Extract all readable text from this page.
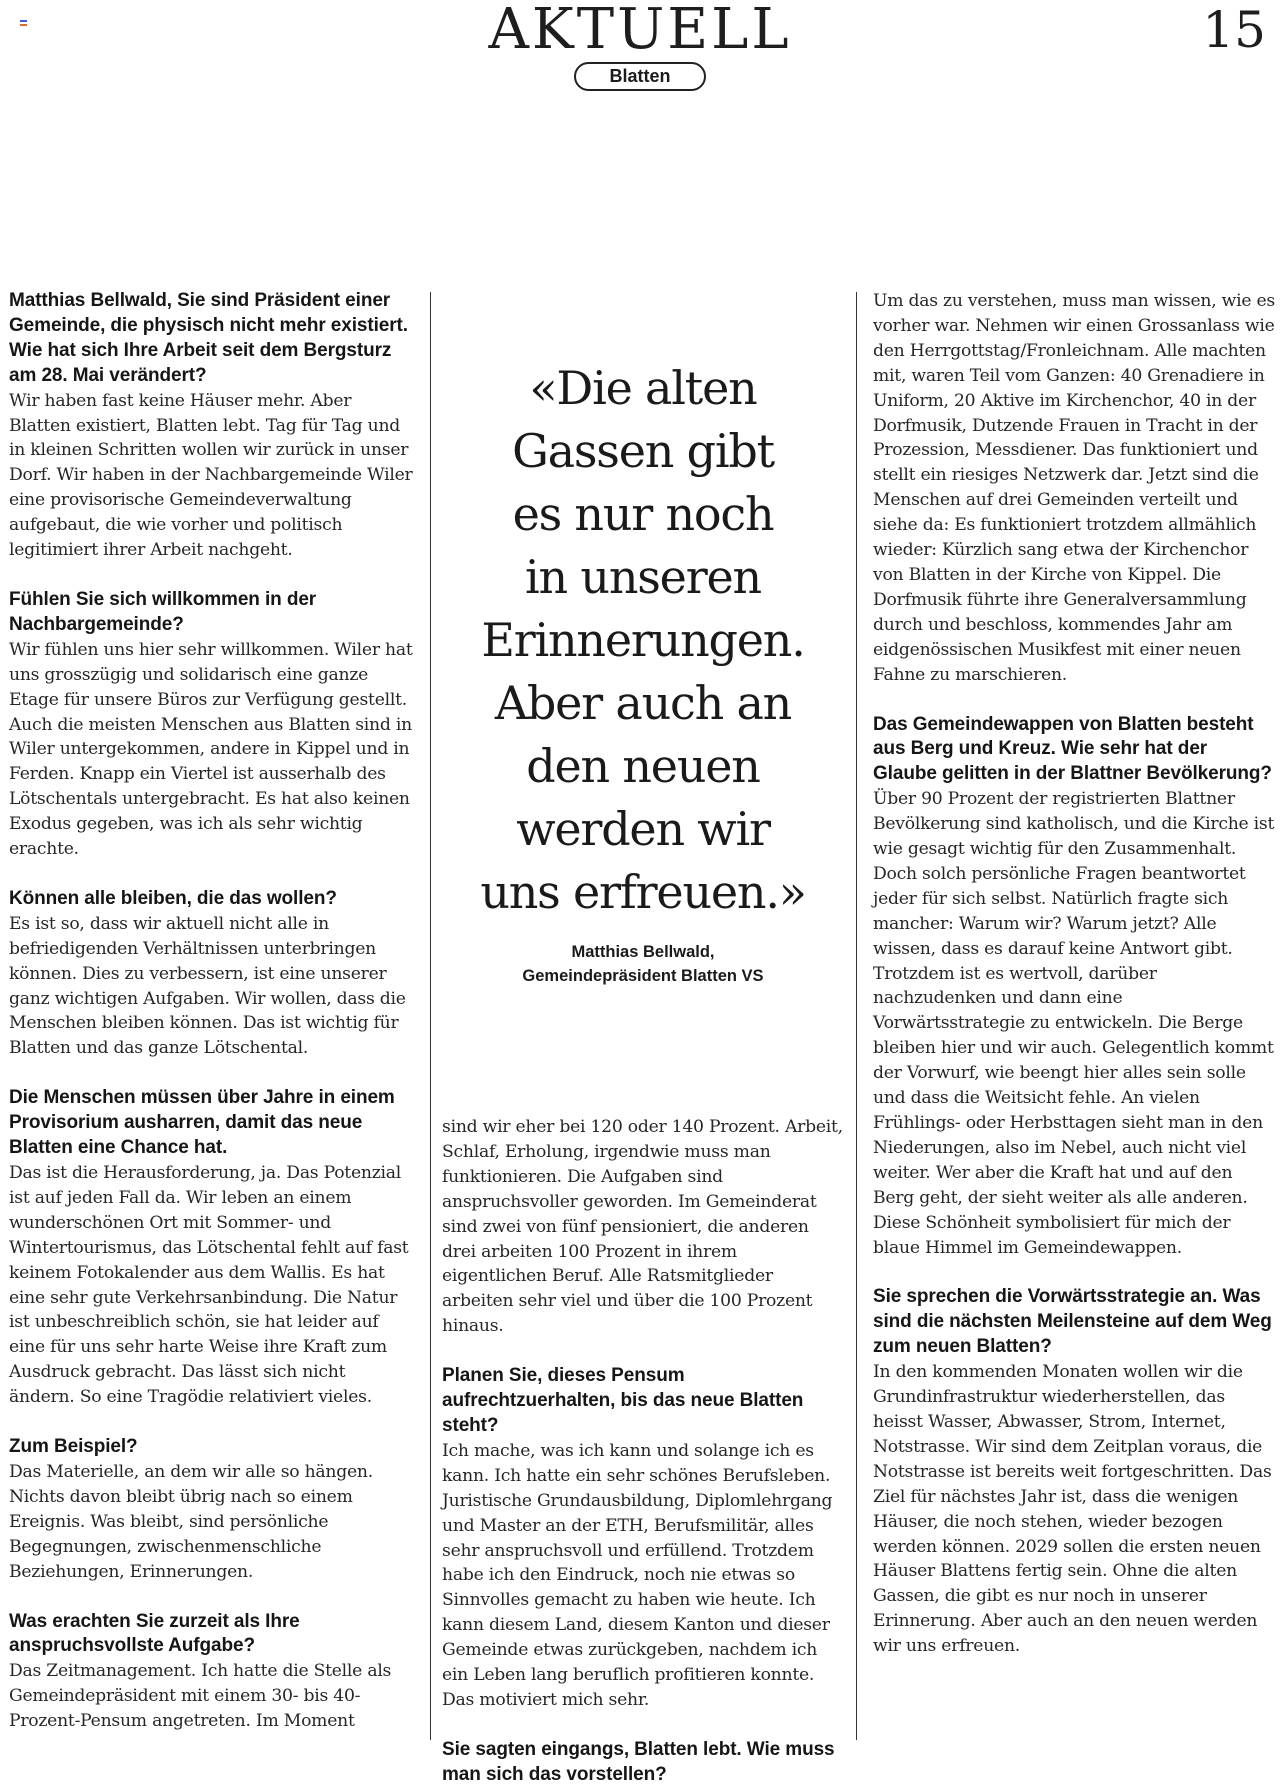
AKTUELL	15
Blatten
Matthias Bellwald, Sie sind Präsident einer Gemeinde, die physisch nicht mehr existiert. Wie hat sich Ihre Arbeit seit dem Bergsturz am 28. Mai verändert?

Wir haben fast keine Häuser mehr. Aber Blatten existiert, Blatten lebt. Tag für Tag und in kleinen Schritten wollen wir zurück in unser Dorf. Wir haben in der Nachbargemeinde Wiler eine provisorische Gemeindeverwaltung aufgebaut, die wie vorher und politisch legitimiert ihrer Arbeit nachgeht.

Fühlen Sie sich willkommen in der Nachbargemeinde?

Wir fühlen uns hier sehr willkommen. Wiler hat uns grosszügig und solidarisch eine ganze Etage für unsere Büros zur Verfügung gestellt. Auch die meisten Menschen aus Blatten sind in Wiler untergekommen, andere in Kippel und in Ferden. Knapp ein Viertel ist ausserhalb des Lötschentals untergebracht. Es hat also keinen Exodus gegeben, was ich als sehr wichtig erachte.

Können alle bleiben, die das wollen?

Es ist so, dass wir aktuell nicht alle in befriedigenden Verhältnissen unterbringen können. Dies zu verbessern, ist eine unserer ganz wichtigen Aufgaben. Wir wollen, dass die Menschen bleiben können. Das ist wichtig für Blatten und das ganze Lötschental.

Die Menschen müssen über Jahre in einem Provisorium ausharren, damit das neue Blatten eine Chance hat.

Das ist die Herausforderung, ja. Das Potenzial ist auf jeden Fall da. Wir leben an einem wunderschönen Ort mit Sommer- und Wintertourismus, das Lötschental fehlt auf fast keinem Fotokalender aus dem Wallis. Es hat eine sehr gute Verkehrsanbindung. Die Natur ist unbeschreiblich schön, sie hat leider auf eine für uns sehr harte Weise ihre Kraft zum Ausdruck gebracht. Das lässt sich nicht ändern. So eine Tragödie relativiert vieles.

Zum Beispiel?

Das Materielle, an dem wir alle so hängen. Nichts davon bleibt übrig nach so einem Ereignis. Was bleibt, sind persönliche Begegnungen, zwischenmenschliche Beziehungen, Erinnerungen.

Was erachten Sie zurzeit als Ihre anspruchsvollste Aufgabe?

Das Zeitmanagement. Ich hatte die Stelle als Gemeindepräsident mit einem 30- bis 40-Prozent-Pensum angetreten. Im Moment

«Die alten
Gassen gibt
es nur noch
in unseren
Erinnerungen.
Aber auch an
den neuen
werden wir
uns erfreuen.»
Matthias Bellwald,
Gemeindepräsident Blatten VS

sind wir eher bei 120 oder 140 Prozent. Arbeit, Schlaf, Erholung, irgendwie muss man funktionieren. Die Aufgaben sind anspruchsvoller geworden. Im Gemeinderat sind zwei von fünf pensioniert, die anderen drei arbeiten 100 Prozent in ihrem eigentlichen Beruf. Alle Ratsmitglieder arbeiten sehr viel und über die 100 Prozent hinaus.

Planen Sie, dieses Pensum aufrechtzuerhalten, bis das neue Blatten steht?

Ich mache, was ich kann und solange ich es kann. Ich hatte ein sehr schönes Berufsleben. Juristische Grundausbildung, Diplomlehrgang und Master an der ETH, Berufsmilitär, alles sehr anspruchsvoll und erfüllend. Trotzdem habe ich den Eindruck, noch nie etwas so Sinnvolles gemacht zu haben wie heute. Ich kann diesem Land, diesem Kanton und dieser Gemeinde etwas zurückgeben, nachdem ich ein Leben lang beruflich profitieren konnte. Das motiviert mich sehr.

Sie sagten eingangs, Blatten lebt. Wie muss man sich das vorstellen?

Um das zu verstehen, muss man wissen, wie es vorher war. Nehmen wir einen Grossanlass wie den Herrgottstag/Fronleichnam. Alle machten mit, waren Teil vom Ganzen: 40 Grenadiere in Uniform, 20 Aktive im Kirchenchor, 40 in der Dorfmusik, Dutzende Frauen in Tracht in der Prozession, Messdiener. Das funktioniert und stellt ein riesiges Netzwerk dar. Jetzt sind die Menschen auf drei Gemeinden verteilt und siehe da: Es funktioniert trotzdem allmählich wieder: Kürzlich sang etwa der Kirchenchor von Blatten in der Kirche von Kippel. Die Dorfmusik führte ihre Generalversammlung durch und beschloss, kommendes Jahr am eidgenössischen Musikfest mit einer neuen Fahne zu marschieren.

Das Gemeindewappen von Blatten besteht aus Berg und Kreuz. Wie sehr hat der Glaube gelitten in der Blattner Bevölkerung?

Über 90 Prozent der registrierten Blattner Bevölkerung sind katholisch, und die Kirche ist wie gesagt wichtig für den Zusammenhalt. Doch solch persönliche Fragen beantwortet jeder für sich selbst. Natürlich fragte sich mancher: Warum wir? Warum jetzt? Alle wissen, dass es darauf keine Antwort gibt. Trotzdem ist es wertvoll, darüber nachzudenken und dann eine Vorwärtsstrategie zu entwickeln. Die Berge bleiben hier und wir auch. Gelegentlich kommt der Vorwurf, wie beengt hier alles sein solle und dass die Weitsicht fehle. An vielen Frühlings- oder Herbsttagen sieht man in den Niederungen, also im Nebel, auch nicht viel weiter. Wer aber die Kraft hat und auf den Berg geht, der sieht weiter als alle anderen. Diese Schönheit symbolisiert für mich der blaue Himmel im Gemeindewappen.

Sie sprechen die Vorwärtsstrategie an. Was sind die nächsten Meilensteine auf dem Weg zum neuen Blatten?

In den kommenden Monaten wollen wir die Grundinfrastruktur wiederherstellen, das heisst Wasser, Abwasser, Strom, Internet, Notstrasse. Wir sind dem Zeitplan voraus, die Notstrasse ist bereits weit fortgeschritten. Das Ziel für nächstes Jahr ist, dass die wenigen Häuser, die noch stehen, wieder bezogen werden können. 2029 sollen die ersten neuen Häuser Blattens fertig sein. Ohne die alten Gassen, die gibt es nur noch in unserer Erinnerung. Aber auch an den neuen werden wir uns erfreuen.
